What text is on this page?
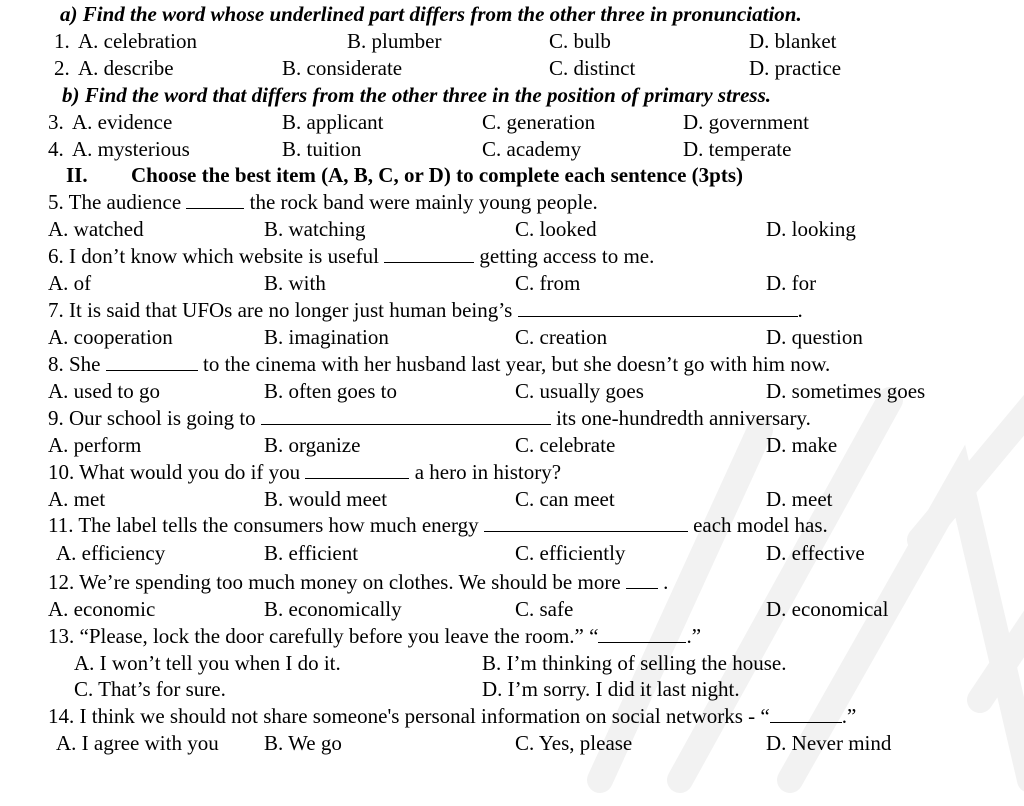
a) Find the word whose underlined part differs from the other three in pronunciation.
1. A. celebration	B. plumber	C. bulb	D. blanket
2. A. describe	B. considerate	C. distinct	D. practice
b) Find the word that differs from the other three in the position of primary stress.
3. A. evidence	B. applicant	C. generation	D. government
4. A. mysterious	B. tuition	C. academy	D. temperate
II. Choose the best item (A, B, C, or D) to complete each sentence (3pts)
5. The audience	the rock band were mainly young people.
A. watched	B. watching	C. looked	D. looking
6. I don’t know which website is useful	getting access to me.
A. of	B. with	C. from	D. for
7. It is said that UFOs are no longer just human being’s	.
A. cooperation	B. imagination	C. creation	D. question
8. She	to the cinema with her husband last year, but she doesn’t go with him now.
A. used to go	B. often goes to	C. usually goes	D. sometimes goes
9. Our school is going to	its one-hundredth anniversary.
A. perform	B. organize	C. celebrate	D. make
10. What would you do if you	a hero in history?
A. met	B. would meet	C. can meet	D. meet
11. The label tells the consumers how much energy	each model has.
A. efficiency	B. efficient	C. efficiently	D. effective
12. We’re spending too much money on clothes. We should be more .
A. economic	B. economically	C. safe	D. economical
13. “Please, lock the door carefully before you leave the room.” “	.”
A. I won’t tell you when I do it.	B. I’m thinking of selling the house.
C. That’s for sure.	D. I’m sorry. I did it last night.
14. I think we should not share someone's personal information on social networks - “	.”
A. I agree with you B. We go	C. Yes, please	D. Never mind
